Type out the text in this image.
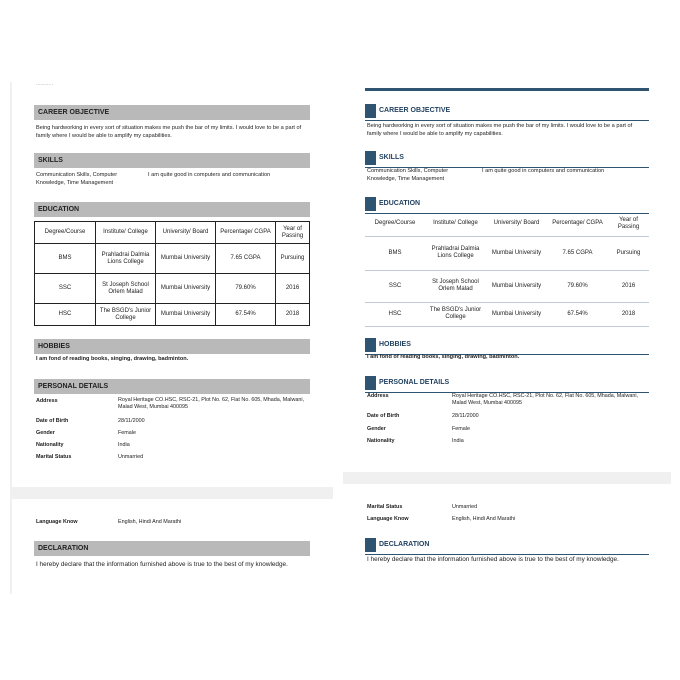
...........
CAREER OBJECTIVE
Being hardworking in every sort of situation makes me push the bar of my limits. I would love to be a part of family where I would be able to amplify my capabilities.
SKILLS
Communication Skills, Computer Knowledge, Time Management
I am quite good in computers and communication
EDUCATION
Degree/Course	Institute/ College	University/ Board	Percentage/ CGPA	Year of Passing
BMS	Prahladrai Dalmia Lions College	Mumbai University	7.65 CGPA	Pursuing
SSC	St Joseph School Orlem Malad	Mumbai University	79.60%	2016
HSC	The BSGD's Junior College	Mumbai University	67.54%	2018
HOBBIES
I am fond of reading books, singing, drawing, badminton.
PERSONAL DETAILS
Address	Royal Heritage CO.HSC, RSC-21, Plot No. 62, Flat No. 605, Mhada, Malwani, Malad West, Mumbai 400095
Date of Birth	28/11/2000
Gender	Female
Nationality	India
Marital Status	Unmarried
Language Know	English, Hindi And Marathi
DECLARATION
I hereby declare that the information furnished above is true to the best of my knowledge.
CAREER OBJECTIVE
Being hardworking in every sort of situation makes me push the bar of my limits. I would love to be a part of family where I would be able to amplify my capabilities.
SKILLS
Communication Skills, Computer Knowledge, Time Management
I am quite good in computers and communication
EDUCATION
Degree/Course	Institute/ College	University/ Board	Percentage/ CGPA	Year of Passing
BMS	Prahladrai Dalmia Lions College	Mumbai University	7.65 CGPA	Pursuing
SSC	St Joseph School Orlem Malad	Mumbai University	79.60%	2016
HSC	The BSGD's Junior College	Mumbai University	67.54%	2018
HOBBIES
I am fond of reading books, singing, drawing, badminton.
PERSONAL DETAILS
Address	Royal Heritage CO.HSC, RSC-21, Plot No. 62, Flat No. 605, Mhada, Malwani, Malad West, Mumbai 400095
Date of Birth	28/11/2000
Gender	Female
Nationality	India
Marital Status	Unmarried
Language Know	English, Hindi And Marathi
DECLARATION
I hereby declare that the information furnished above is true to the best of my knowledge.
